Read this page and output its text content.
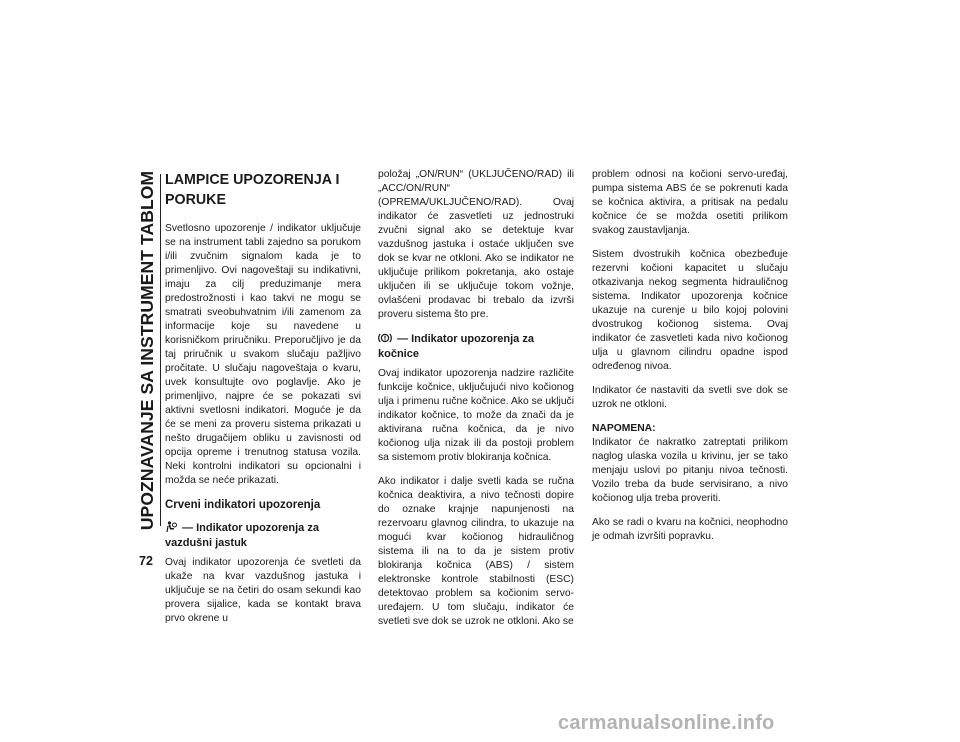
UPOZNAVANJE SA INSTRUMENT TABLOM
72
LAMPICE UPOZORENJA I PORUKE

Svetlosno upozorenje / indikator uključuje se na instrument tabli zajedno sa porukom i/ili zvučnim signalom kada je to primenljivo. Ovi nagoveštaji su indikativni, imaju za cilj preduzimanje mera predostrožnosti i kao takvi ne mogu se smatrati sveobuhvatnim i/ili zamenom za informacije koje su navedene u korisničkom priručniku. Preporučljivo je da taj priručnik u svakom slučaju pažljivo pročitate. U slučaju nagoveštaja o kvaru, uvek konsultujte ovo poglavlje. Ako je primenljivo, najpre će se pokazati svi aktivni svetlosni indikatori. Moguće je da će se meni za proveru sistema prikazati u nešto drugačijem obliku u zavisnosti od opcija opreme i trenutnog statusa vozila. Neki kontrolni indikatori su opcionalni i možda se neće prikazati.

Crveni indikatori upozorenja
— Indikator upozorenja za vazdušni jastuk

Ovaj indikator upozorenja će svetleti da ukaže na kvar vazdušnog jastuka i uključuje se na četiri do osam sekundi kao provera sijalice, kada se kontakt brava prvo okrene u

položaj „ON/RUN“ (UKLJUČENO/RAD) ili „ACC/ON/RUN“ (OPREMA/UKLJUČENO/RAD). Ovaj indikator će zasvetleti uz jednostruki zvučni signal ako se detektuje kvar vazdušnog jastuka i ostaće uključen sve dok se kvar ne otkloni. Ako se indikator ne uključuje prilikom pokretanja, ako ostaje uključen ili se uključuje tokom vožnje, ovlašćeni prodavac bi trebalo da izvrši proveru sistema što pre.

— Indikator upozorenja za kočnice

Ovaj indikator upozorenja nadzire različite funkcije kočnice, uključujući nivo kočionog ulja i primenu ručne kočnice. Ako se uključi indikator kočnice, to može da znači da je aktivirana ručna kočnica, da je nivo kočionog ulja nizak ili da postoji problem sa sistemom protiv blokiranja kočnica.

Ako indikator i dalje svetli kada se ručna kočnica deaktivira, a nivo tečnosti dopire do oznake krajnje napunjenosti na rezervoaru glavnog cilindra, to ukazuje na mogući kvar kočionog hidrauličnog sistema ili na to da je sistem protiv blokiranja kočnica (ABS) / sistem elektronske kontrole stabilnosti (ESC) detektovao problem sa kočionim servo-uređajem. U tom slučaju, indikator će svetleti sve dok se uzrok ne otkloni. Ako se

problem odnosi na kočioni servo-uređaj, pumpa sistema ABS će se pokrenuti kada se kočnica aktivira, a pritisak na pedalu kočnice će se možda osetiti prilikom svakog zaustavljanja.

Sistem dvostrukih kočnica obezbeđuje rezervni kočioni kapacitet u slučaju otkazivanja nekog segmenta hidrauličnog sistema. Indikator upozorenja kočnice ukazuje na curenje u bilo kojoj polovini dvostrukog kočionog sistema. Ovaj indikator će zasvetleti kada nivo kočionog ulja u glavnom cilindru opadne ispod određenog nivoa.

Indikator će nastaviti da svetli sve dok se uzrok ne otkloni.

NAPOMENA:
Indikator će nakratko zatreptati prilikom naglog ulaska vozila u krivinu, jer se tako menjaju uslovi po pitanju nivoa tečnosti. Vozilo treba da bude servisirano, a nivo kočionog ulja treba proveriti.

Ako se radi o kvaru na kočnici, neophodno je odmah izvršiti popravku.

carmanualsonline.info
